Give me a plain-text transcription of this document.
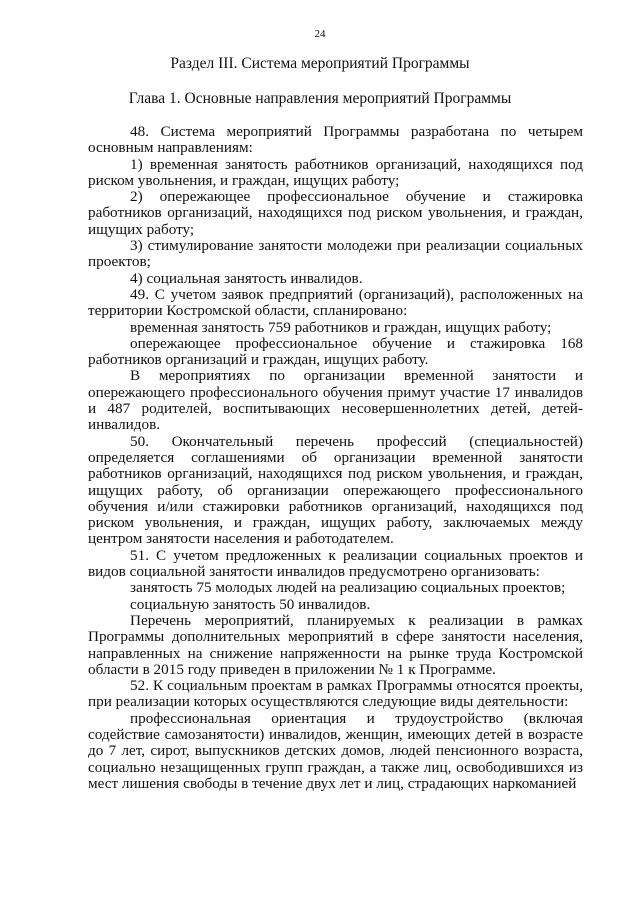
24
Раздел III. Система мероприятий Программы
Глава 1. Основные направления мероприятий Программы

48. Система мероприятий Программы разработана по четырем основным направлениям:

1) временная занятость работников организаций, находящихся под риском увольнения, и граждан, ищущих работу;

2) опережающее профессиональное обучение и стажировка работников организаций, находящихся под риском увольнения, и граждан, ищущих работу;

3) стимулирование занятости молодежи при реализации социальных проектов;

4) социальная занятость инвалидов.

49. С учетом заявок предприятий (организаций), расположенных на территории Костромской области, спланировано:

временная занятость 759 работников и граждан, ищущих работу;

опережающее профессиональное обучение и стажировка 168 работников организаций и граждан, ищущих работу.

В мероприятиях по организации временной занятости и опережающего профессионального обучения примут участие 17 инвалидов и 487 родителей, воспитывающих несовершеннолетних детей, детей-инвалидов.

50. Окончательный перечень профессий (специальностей) определяется соглашениями об организации временной занятости работников организаций, находящихся под риском увольнения, и граждан, ищущих работу, об организации опережающего профессионального обучения и/или стажировки работников организаций, находящихся под риском увольнения, и граждан, ищущих работу, заключаемых между центром занятости населения и работодателем.

51. С учетом предложенных к реализации социальных проектов и видов социальной занятости инвалидов предусмотрено организовать:

занятость 75 молодых людей на реализацию социальных проектов;

социальную занятость 50 инвалидов.

Перечень мероприятий, планируемых к реализации в рамках Программы дополнительных мероприятий в сфере занятости населения, направленных на снижение напряженности на рынке труда Костромской области в 2015 году приведен в приложении № 1 к Программе.

52. К социальным проектам в рамках Программы относятся проекты, при реализации которых осуществляются следующие виды деятельности:

профессиональная ориентация и трудоустройство (включая содействие самозанятости) инвалидов, женщин, имеющих детей в возрасте до 7 лет, сирот, выпускников детских домов, людей пенсионного возраста, социально незащищенных групп граждан, а также лиц, освободившихся из мест лишения свободы в течение двух лет и лиц, страдающих наркоманией
